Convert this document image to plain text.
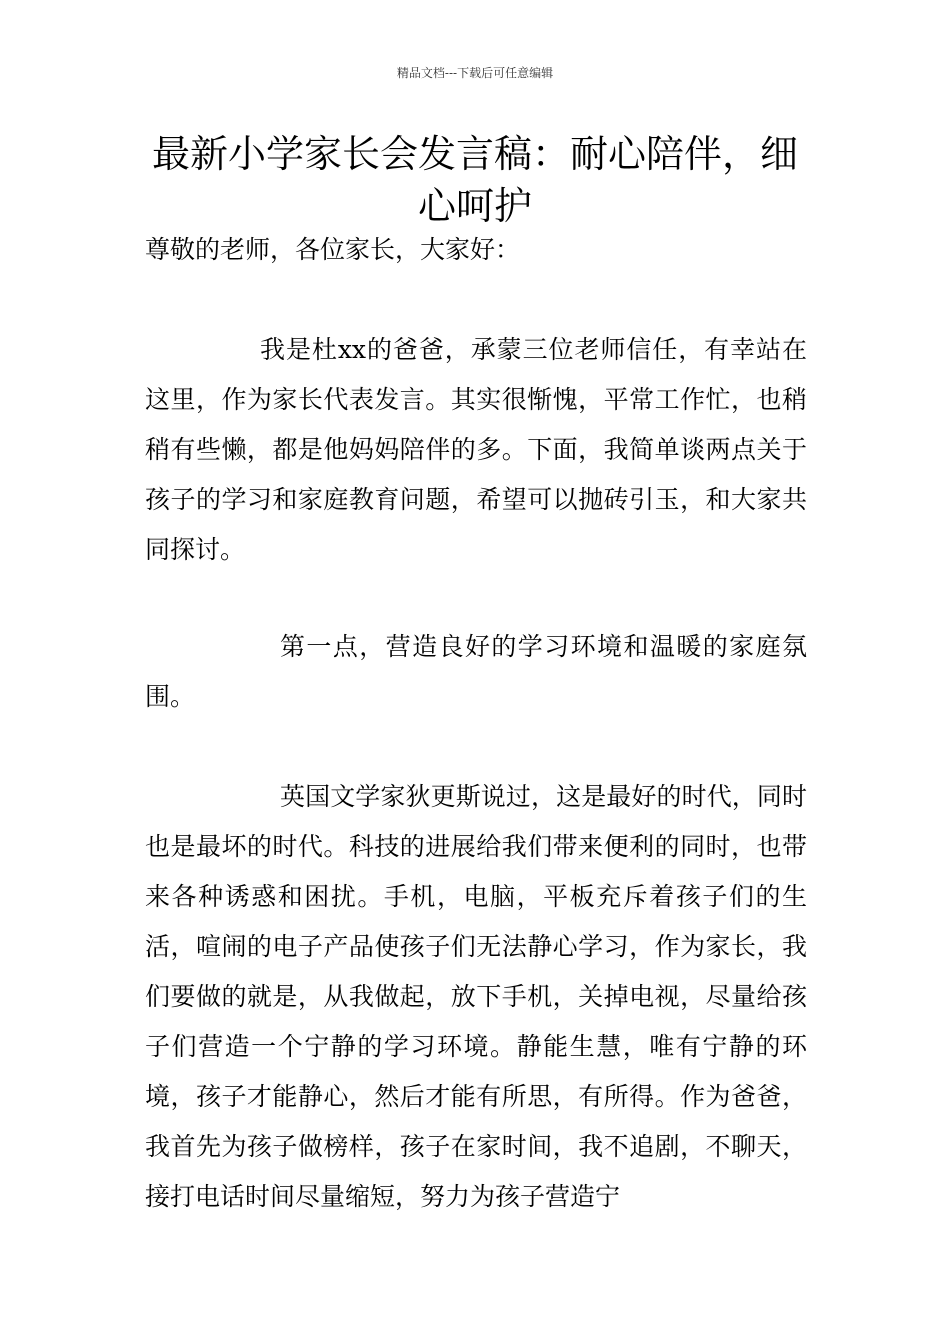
精品文档---下载后可任意编辑
最新小学家长会发言稿：耐心陪伴，细心呵护

尊敬的老师，各位家长，大家好：

我是杜xx的爸爸，承蒙三位老师信任，有幸站在这里，作为家长代表发言。其实很惭愧，平常工作忙，也稍稍有些懒，都是他妈妈陪伴的多。下面，我简单谈两点关于孩子的学习和家庭教育问题，希望可以抛砖引玉，和大家共同探讨。

第一点，营造良好的学习环境和温暖的家庭氛围。

英国文学家狄更斯说过，这是最好的时代，同时也是最坏的时代。科技的进展给我们带来便利的同时，也带来各种诱惑和困扰。手机，电脑，平板充斥着孩子们的生活，喧闹的电子产品使孩子们无法静心学习，作为家长，我们要做的就是，从我做起，放下手机，关掉电视，尽量给孩子们营造一个宁静的学习环境。静能生慧，唯有宁静的环境，孩子才能静心，然后才能有所思，有所得。作为爸爸，我首先为孩子做榜样，孩子在家时间，我不追剧，不聊天，接打电话时间尽量缩短，努力为孩子营造宁
